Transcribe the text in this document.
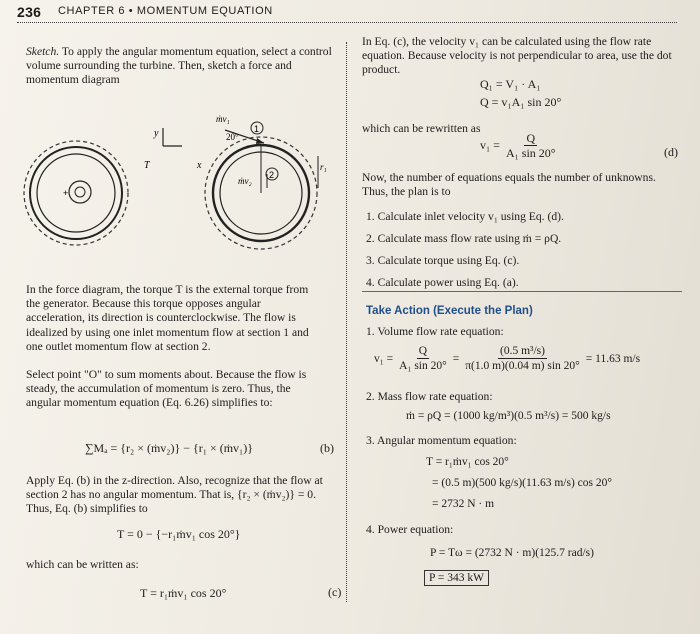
236 CHAPTER 6 • MOMENTUM EQUATION
Sketch. To apply the angular momentum equation, select a control volume surrounding the turbine. Then, sketch a force and momentum diagram
+
y
x
T	r₁
ṁv₁
20°
1
ṁv₂
2
In the force diagram, the torque T is the external torque from the generator. Because this torque opposes angular acceleration, its direction is counterclockwise. The flow is idealized by using one inlet momentum flow at section 1 and one outlet momentum flow at section 2.
Select point "O" to sum moments about. Because the flow is steady, the accumulation of momentum is zero. Thus, the angular momentum equation (Eq. 6.26) simplifies to:
∑Mₐ = {r₂ × (ṁv₂)} − {r₁ × (ṁv₁)}	(b)
Apply Eq. (b) in the z-direction. Also, recognize that the flow at section 2 has no angular momentum. That is, {r₂ × (ṁv₂)} = 0. Thus, Eq. (b) simplifies to
T = 0 − {−r₁ṁv₁ cos 20°}
which can be written as:
T = r₁ṁv₁ cos 20°	(c)
In Eq. (c), the velocity v₁ can be calculated using the flow rate equation. Because velocity is not perpendicular to area, use the dot product.
Q₁ = V₁ · A₁
Q = v₁A₁ sin 20°
which can be rewritten as
$v_1 = \frac{Q}{\text{A₁ sin 20°}}$	(d)
Now, the number of equations equals the number of unknowns. Thus, the plan is to
1. Calculate inlet velocity v₁ using Eq. (d).
2. Calculate mass flow rate using ṁ = ρQ.
3. Calculate torque using Eq. (c).
4. Calculate power using Eq. (a).
Take Action (Execute the Plan)
1. Volume flow rate equation:
$v_1 = \frac{Q}{\text{A₁ sin 20°}} = \frac{\text{(0.5 m³/s)}}{\pi(1.0 m)(0.04 m) \sin 20^\circ} = 11.63$ m/s
2. Mass flow rate equation:
ṁ = ρQ = (1000 kg/m³)(0.5 m³/s) = 500 kg/s
3. Angular momentum equation:
T = r₁ṁv₁ cos 20°
= (0.5 m)(500 kg/s)(11.63 m/s) cos 20°
= 2732 N · m
4. Power equation:
P = Tω = (2732 N · m)(125.7 rad/s)
P = 343 kW
